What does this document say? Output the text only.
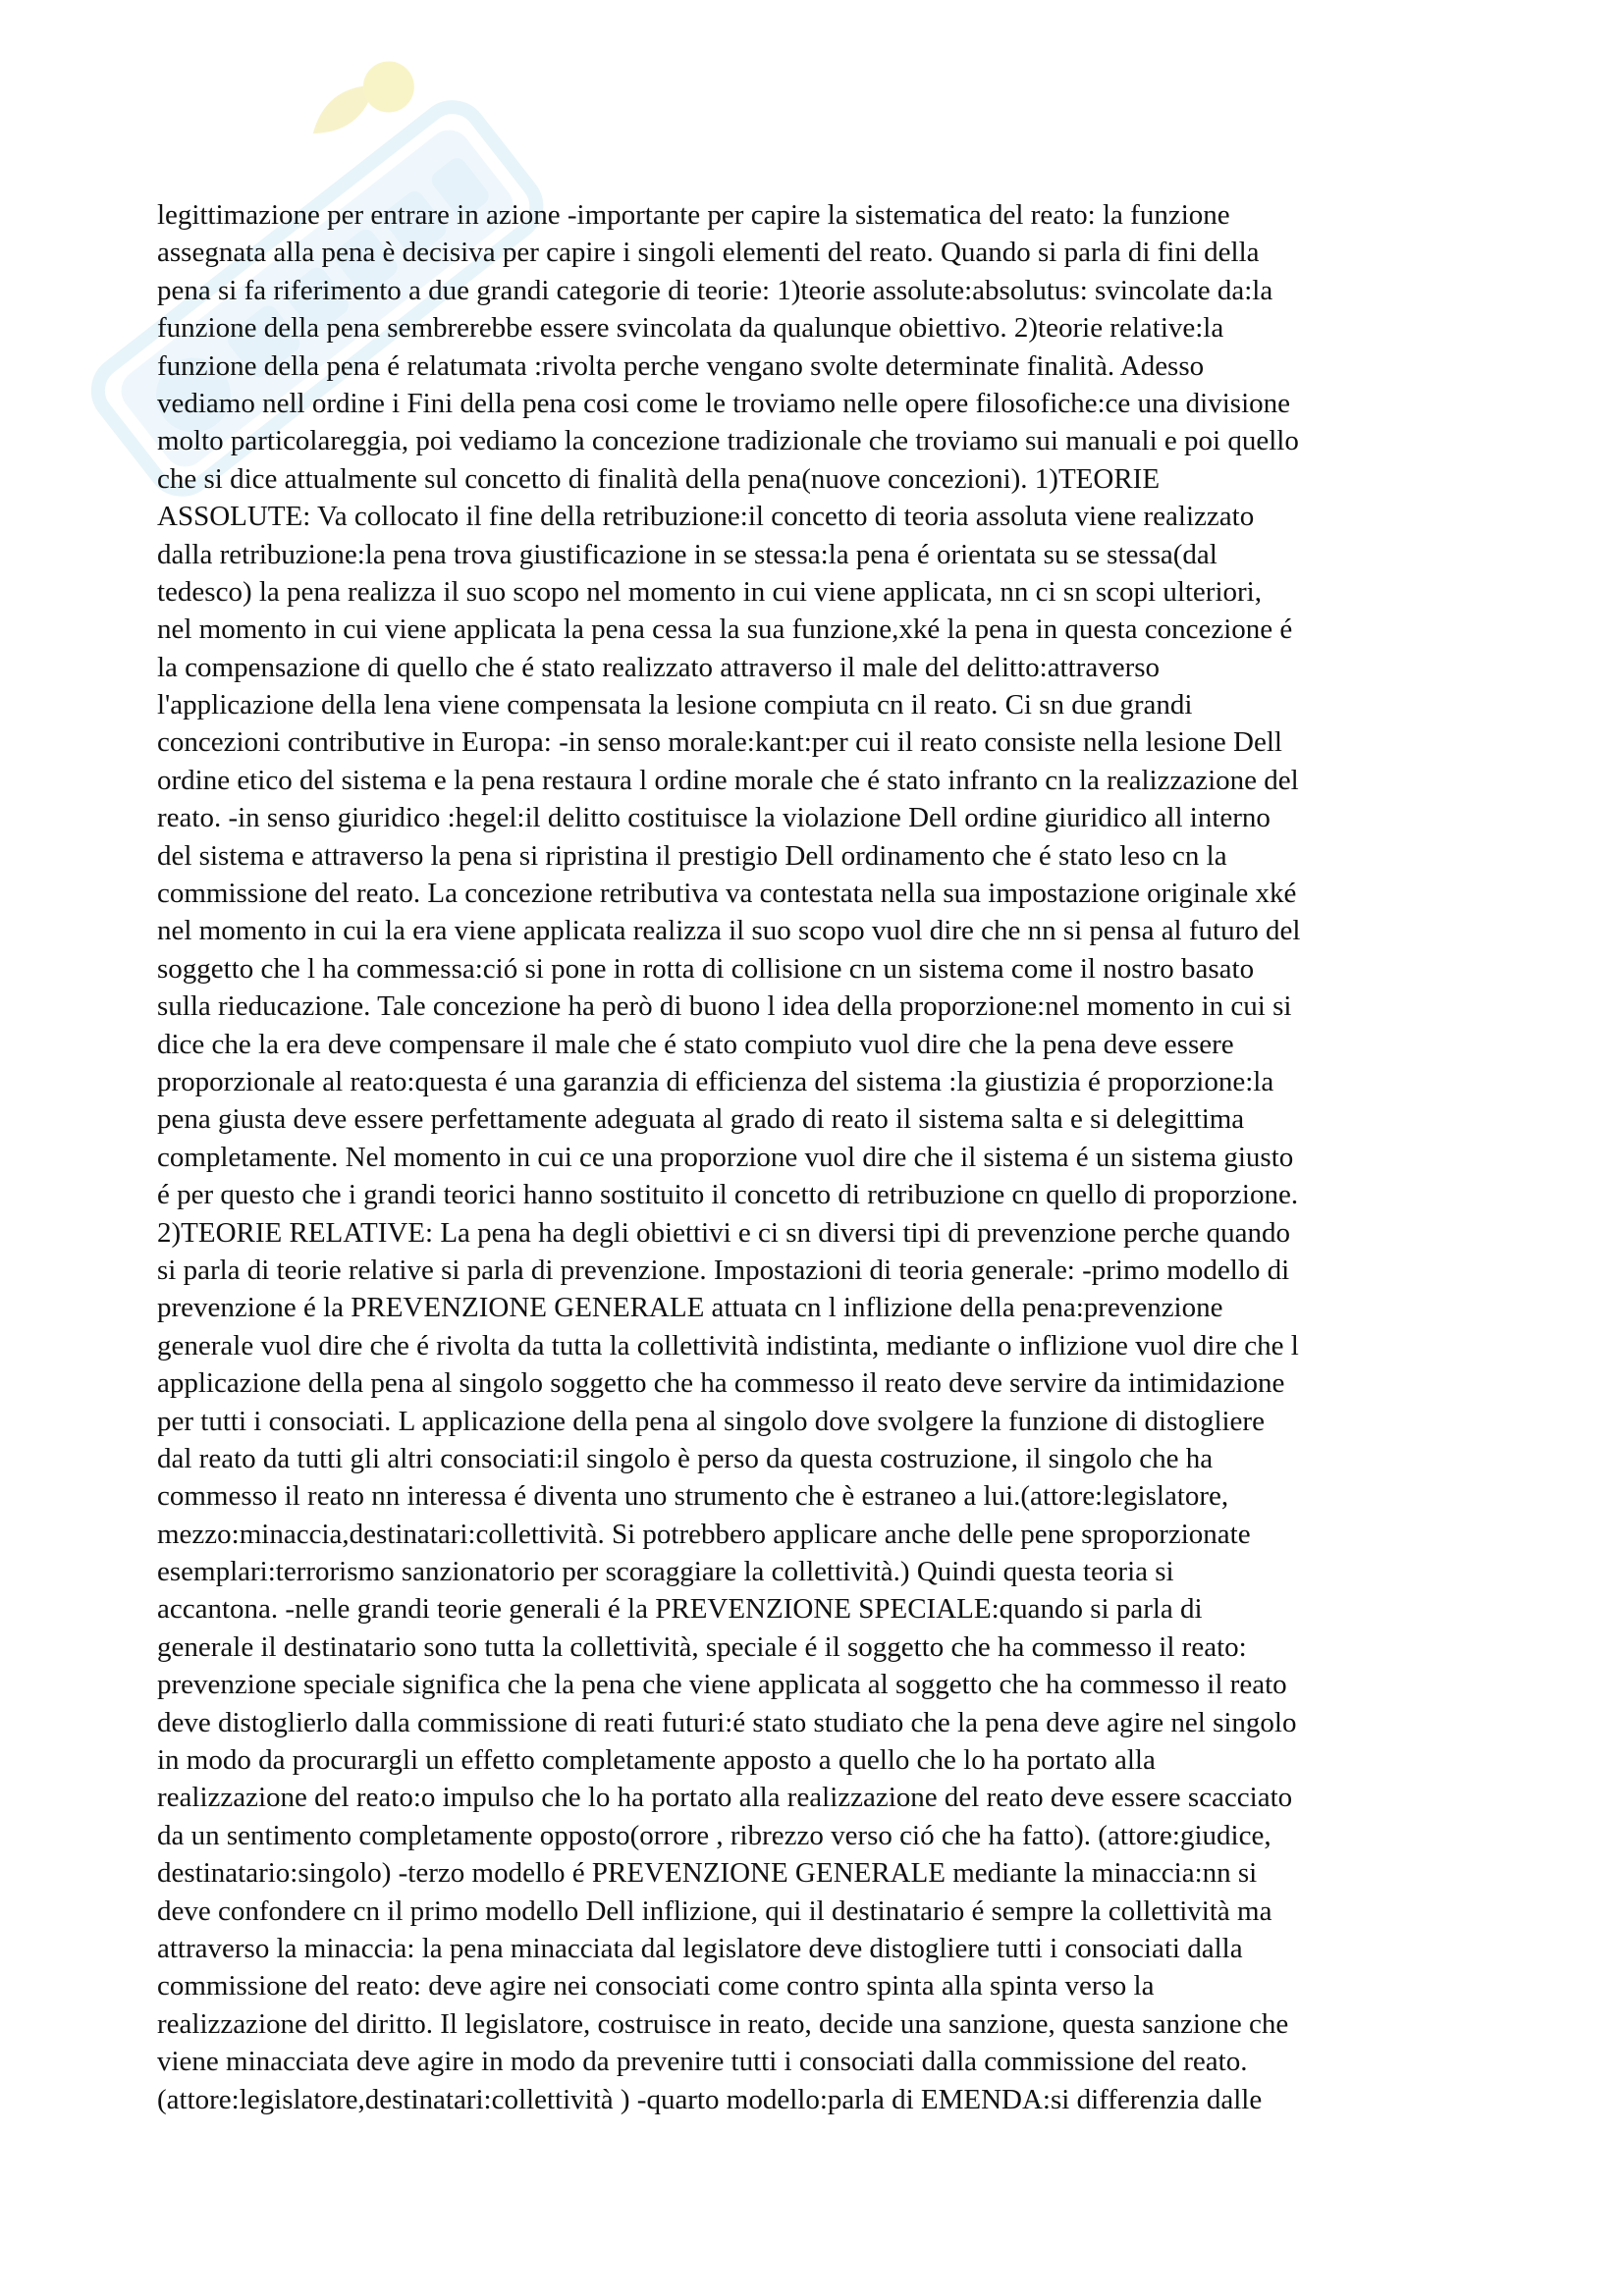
legittimazione per entrare in azione -importante per capire la sistematica del reato: la funzione
assegnata alla pena è decisiva per capire i singoli elementi del reato. Quando si parla di fini della
pena si fa riferimento a due grandi categorie di teorie: 1)teorie assolute:absolutus: svincolate da:la
funzione della pena sembrerebbe essere svincolata da qualunque obiettivo. 2)teorie relative:la
funzione della pena é relatumata :rivolta perche vengano svolte determinate finalità. Adesso
vediamo nell ordine i Fini della pena cosi come le troviamo nelle opere filosofiche:ce una divisione
molto particolareggia, poi vediamo la concezione tradizionale che troviamo sui manuali e poi quello
che si dice attualmente sul concetto di finalità della pena(nuove concezioni). 1)TEORIE
ASSOLUTE: Va collocato il fine della retribuzione:il concetto di teoria assoluta viene realizzato
dalla retribuzione:la pena trova giustificazione in se stessa:la pena é orientata su se stessa(dal
tedesco) la pena realizza il suo scopo nel momento in cui viene applicata, nn ci sn scopi ulteriori,
nel momento in cui viene applicata la pena cessa la sua funzione,xké la pena in questa concezione é
la compensazione di quello che é stato realizzato attraverso il male del delitto:attraverso
l'applicazione della lena viene compensata la lesione compiuta cn il reato. Ci sn due grandi
concezioni contributive in Europa: -in senso morale:kant:per cui il reato consiste nella lesione Dell
ordine etico del sistema e la pena restaura l ordine morale che é stato infranto cn la realizzazione del
reato. -in senso giuridico :hegel:il delitto costituisce la violazione Dell ordine giuridico all interno
del sistema e attraverso la pena si ripristina il prestigio Dell ordinamento che é stato leso cn la
commissione del reato. La concezione retributiva va contestata nella sua impostazione originale xké
nel momento in cui la era viene applicata realizza il suo scopo vuol dire che nn si pensa al futuro del
soggetto che l ha commessa:ció si pone in rotta di collisione cn un sistema come il nostro basato
sulla rieducazione. Tale concezione ha però di buono l idea della proporzione:nel momento in cui si
dice che la era deve compensare il male che é stato compiuto vuol dire che la pena deve essere
proporzionale al reato:questa é una garanzia di efficienza del sistema :la giustizia é proporzione:la
pena giusta deve essere perfettamente adeguata al grado di reato il sistema salta e si delegittima
completamente. Nel momento in cui ce una proporzione vuol dire che il sistema é un sistema giusto
é per questo che i grandi teorici hanno sostituito il concetto di retribuzione cn quello di proporzione.
2)TEORIE RELATIVE: La pena ha degli obiettivi e ci sn diversi tipi di prevenzione perche quando
si parla di teorie relative si parla di prevenzione. Impostazioni di teoria generale: -primo modello di
prevenzione é la PREVENZIONE GENERALE attuata cn l inflizione della pena:prevenzione
generale vuol dire che é rivolta da tutta la collettività indistinta, mediante o inflizione vuol dire che l
applicazione della pena al singolo soggetto che ha commesso il reato deve servire da intimidazione
per tutti i consociati. L applicazione della pena al singolo dove svolgere la funzione di distogliere
dal reato da tutti gli altri consociati:il singolo è perso da questa costruzione, il singolo che ha
commesso il reato nn interessa é diventa uno strumento che è estraneo a lui.(attore:legislatore,
mezzo:minaccia,destinatari:collettività. Si potrebbero applicare anche delle pene sproporzionate
esemplari:terrorismo sanzionatorio per scoraggiare la collettività.) Quindi questa teoria si
accantona. -nelle grandi teorie generali é la PREVENZIONE SPECIALE:quando si parla di
generale il destinatario sono tutta la collettività, speciale é il soggetto che ha commesso il reato:
prevenzione speciale significa che la pena che viene applicata al soggetto che ha commesso il reato
deve distoglierlo dalla commissione di reati futuri:é stato studiato che la pena deve agire nel singolo
in modo da procurargli un effetto completamente apposto a quello che lo ha portato alla
realizzazione del reato:o impulso che lo ha portato alla realizzazione del reato deve essere scacciato
da un sentimento completamente opposto(orrore , ribrezzo verso ció che ha fatto). (attore:giudice,
destinatario:singolo) -terzo modello é PREVENZIONE GENERALE mediante la minaccia:nn si
deve confondere cn il primo modello Dell inflizione, qui il destinatario é sempre la collettività ma
attraverso la minaccia: la pena minacciata dal legislatore deve distogliere tutti i consociati dalla
commissione del reato: deve agire nei consociati come contro spinta alla spinta verso la
realizzazione del diritto. Il legislatore, costruisce in reato, decide una sanzione, questa sanzione che
viene minacciata deve agire in modo da prevenire tutti i consociati dalla commissione del reato.
(attore:legislatore,destinatari:collettività ) -quarto modello:parla di EMENDA:si differenzia dalle
